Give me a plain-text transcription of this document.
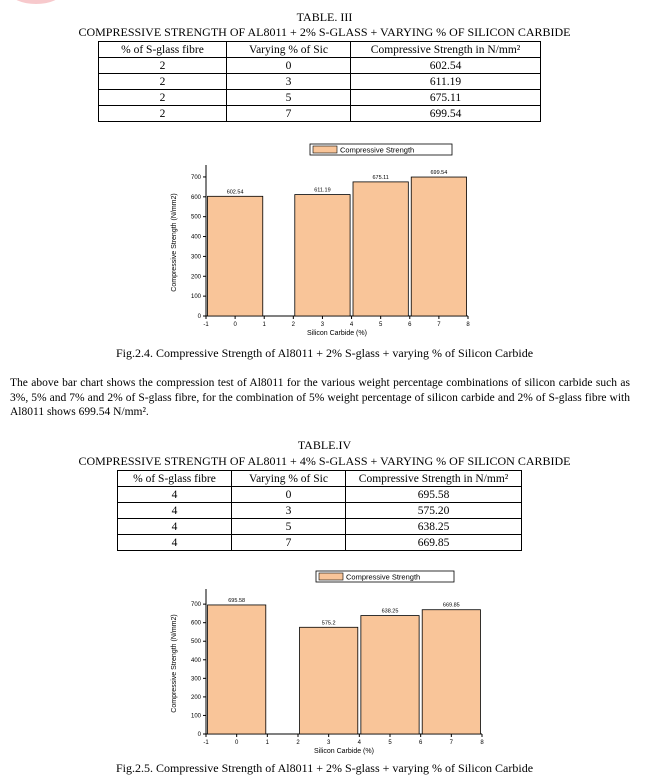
TABLE. III
COMPRESSIVE STRENGTH OF AL8011 + 2% S-GLASS + VARYING % OF SILICON CARBIDE
% of S-glass fibre	Varying % of Sic	Compressive Strength in N/mm²
2	0	602.54
2	3	611.19
2	5	675.11
2	7	699.54
0
100
200
300
400
500
600
700
-1	0	1	2	3	4	5	6	7	8
602.54	611.19
675.11
699.54
Silicon Carbide (%)
Compressive Strength (N/mm2)
Compressive Strength
Fig.2.4. Compressive Strength of Al8011 + 2% S-glass + varying % of Silicon Carbide
The above bar chart shows the compression test of Al8011 for the various weight percentage combinations of silicon carbide such as 3%, 5% and 7% and 2% of S-glass fibre, for the combination of 5% weight percentage of silicon carbide and 2% of S-glass fibre with Al8011 shows 699.54 N/mm².
TABLE.IV
COMPRESSIVE STRENGTH OF AL8011 + 4% S-GLASS + VARYING % OF SILICON CARBIDE
% of S-glass fibre	Varying % of Sic	Compressive Strength in N/mm²
4	0	695.58
4	3	575.20
4	5	638.25
4	7	669.85
0
100
200
300
400
500
600
700
-1	0	1	2	3	4	5	6	7	8
695.58
575.2
638.25
669.85
Silicon Carbide (%)
Compressive Strength (N/mm2)
Compressive Strength
Fig.2.5. Compressive Strength of Al8011 + 2% S-glass + varying % of Silicon Carbide
